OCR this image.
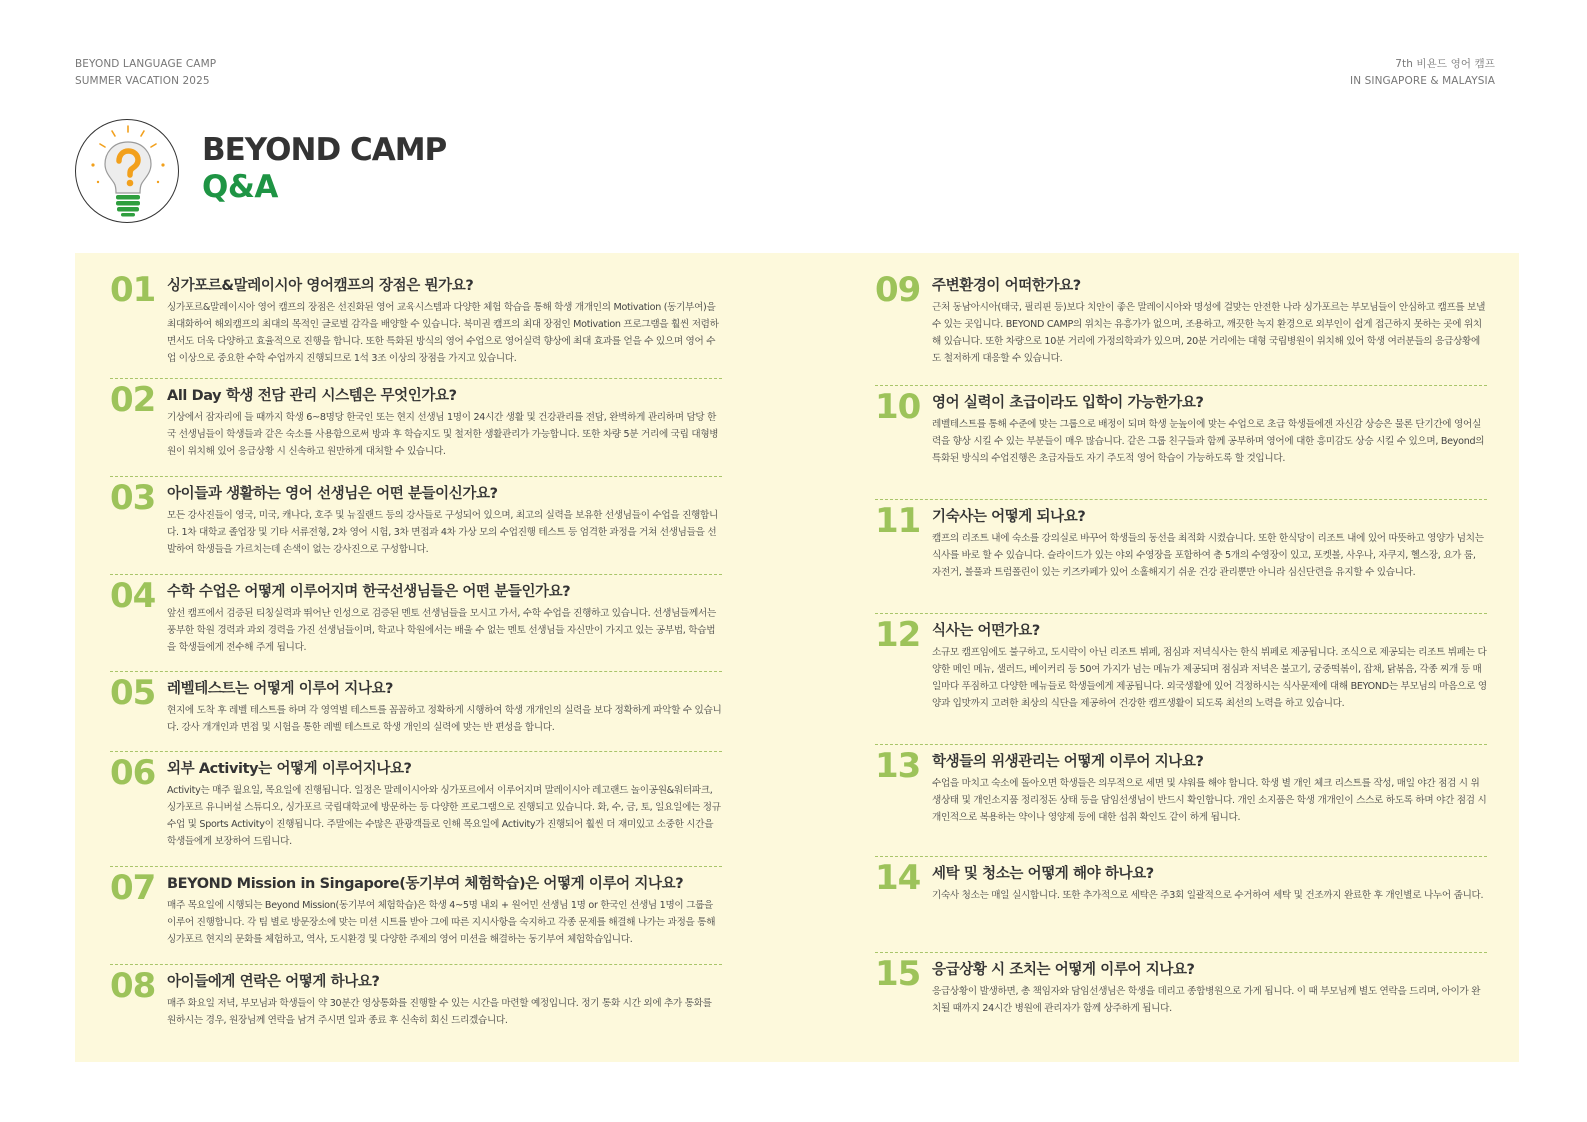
BEYOND LANGUAGE CAMP
SUMMER VACATION 2025
7th 비욘드 영어 캠프
IN SINGAPORE & MALAYSIA
BEYOND CAMP
Q&A
01 싱가포르&말레이시아 영어캠프의 장점은 뭔가요?
싱가포르&말레이시아 영어 캠프의 장점은 선진화된 영어 교육시스템과 다양한 체험 학습을 통해 학생 개개인의 Motivation (동기부여)을 최대화하여 해외캠프의 최대의 목적인 글로벌 감각을 배양할 수 있습니다. 북미권 캠프의 최대 장점인 Motivation 프로그램을 훨씬 저렴하면서도 더욱 다양하고 효율적으로 진행을 합니다. 또한 특화된 방식의 영어 수업으로 영어실력 향상에 최대 효과를 얻을 수 있으며 영어 수업 이상으로 중요한 수학 수업까지 진행되므로 1석 3조 이상의 장점을 가지고 있습니다.
02 All Day 학생 전담 관리 시스템은 무엇인가요?
기상에서 잠자리에 들 때까지 학생 6~8명당 한국인 또는 현지 선생님 1명이 24시간 생활 및 건강관리를 전담, 완벽하게 관리하며 담당 한국 선생님들이 학생들과 같은 숙소를 사용함으로써 방과 후 학습지도 및 철저한 생활관리가 가능합니다. 또한 차량 5분 거리에 국립 대형병원이 위치해 있어 응급상황 시 신속하고 원만하게 대처할 수 있습니다.
03 아이들과 생활하는 영어 선생님은 어떤 분들이신가요?
모든 강사진들이 영국, 미국, 캐나다, 호주 및 뉴질랜드 등의 강사들로 구성되어 있으며, 최고의 실력을 보유한 선생님들이 수업을 진행합니다. 1차 대학교 졸업장 및 기타 서류전형, 2차 영어 시험, 3차 면접과 4차 가상 모의 수업진행 테스트 등 엄격한 과정을 거쳐 선생님들을 선발하여 학생들을 가르치는데 손색이 없는 강사진으로 구성합니다.
04 수학 수업은 어떻게 이루어지며 한국선생님들은 어떤 분들인가요?
앞선 캠프에서 검증된 티칭실력과 뛰어난 인성으로 검증된 멘토 선생님들을 모시고 가서, 수학 수업을 진행하고 있습니다. 선생님들께서는 풍부한 학원 경력과 과외 경력을 가진 선생님들이며, 학교나 학원에서는 배울 수 없는 멘토 선생님들 자신만이 가지고 있는 공부법, 학습법을 학생들에게 전수해 주게 됩니다.
05 레벨테스트는 어떻게 이루어 지나요?
현지에 도착 후 레벨 테스트를 하며 각 영역별 테스트를 꼼꼼하고 정확하게 시행하여 학생 개개인의 실력을 보다 정확하게 파악할 수 있습니다. 강사 개개인과 면접 및 시험을 통한 레벨 테스트로 학생 개인의 실력에 맞는 반 편성을 합니다.
06 외부 Activity는 어떻게 이루어지나요?
Activity는 매주 월요일, 목요일에 진행됩니다. 일정은 말레이시아와 싱가포르에서 이루어지며 말레이시아 레고랜드 놀이공원&워터파크, 싱가포르 유니버설 스튜디오, 싱가포르 국립대학교에 방문하는 등 다양한 프로그램으로 진행되고 있습니다. 화, 수, 금, 토, 일요일에는 정규수업 및 Sports Activity이 진행됩니다. 주말에는 수많은 관광객들로 인해 목요일에 Activity가 진행되어 훨씬 더 재미있고 소중한 시간을 학생들에게 보장하여 드립니다.
07 BEYOND Mission in Singapore(동기부여 체험학습)은 어떻게 이루어 지나요?
매주 목요일에 시행되는 Beyond Mission(동기부여 체험학습)은 학생 4~5명 내외 + 원어민 선생님 1명 or 한국인 선생님 1명이 그룹을 이루어 진행합니다. 각 팀 별로 방문장소에 맞는 미션 시트를 받아 그에 따른 지시사항을 숙지하고 각종 문제를 해결해 나가는 과정을 통해 싱가포르 현지의 문화를 체험하고, 역사, 도시환경 및 다양한 주제의 영어 미션을 해결하는 동기부여 체험학습입니다.
08 아이들에게 연락은 어떻게 하나요?
매주 화요일 저녁, 부모님과 학생들이 약 30분간 영상통화를 진행할 수 있는 시간을 마련할 예정입니다. 정기 통화 시간 외에 추가 통화를 원하시는 경우, 원장님께 연락을 남겨 주시면 일과 종료 후 신속히 회신 드리겠습니다.
09 주변환경이 어떠한가요?
근처 동남아시아(태국, 필리핀 등)보다 치안이 좋은 말레이시아와 명성에 걸맞는 안전한 나라 싱가포르는 부모님들이 안심하고 캠프를 보낼 수 있는 곳입니다. BEYOND CAMP의 위치는 유흥가가 없으며, 조용하고, 깨끗한 녹지 환경으로 외부인이 쉽게 접근하지 못하는 곳에 위치해 있습니다. 또한 차량으로 10분 거리에 가정의학과가 있으며, 20분 거리에는 대형 국립병원이 위치해 있어 학생 여러분들의 응급상황에도 철저하게 대응할 수 있습니다.
10 영어 실력이 초급이라도 입학이 가능한가요?
레벨테스트를 통해 수준에 맞는 그룹으로 배정이 되며 학생 눈높이에 맞는 수업으로 초급 학생들에겐 자신감 상승은 물론 단기간에 영어실력을 향상 시킬 수 있는 부분들이 매우 많습니다. 같은 그룹 친구들과 함께 공부하며 영어에 대한 흥미감도 상승 시킬 수 있으며, Beyond의 특화된 방식의 수업진행은 초급자들도 자기 주도적 영어 학습이 가능하도록 할 것입니다.
11 기숙사는 어떻게 되나요?
캠프의 리조트 내에 숙소를 강의실로 바꾸어 학생들의 동선을 최적화 시켰습니다. 또한 한식당이 리조트 내에 있어 따뜻하고 영양가 넘치는 식사를 바로 할 수 있습니다. 슬라이드가 있는 야외 수영장을 포함하여 총 5개의 수영장이 있고, 포켓볼, 사우나, 자쿠지, 헬스장, 요가 룸, 자전거, 볼풀과 트럼폴린이 있는 키즈카페가 있어 소홀해지기 쉬운 건강 관리뿐만 아니라 심신단련을 유지할 수 있습니다.
12 식사는 어떤가요?
소규모 캠프임에도 불구하고, 도시락이 아닌 리조트 뷔페, 점심과 저녁식사는 한식 뷔페로 제공됩니다. 조식으로 제공되는 리조트 뷔페는 다양한 메인 메뉴, 샐러드, 베이커리 등 50여 가지가 넘는 메뉴가 제공되며 점심과 저녁은 불고기, 궁중떡볶이, 잡채, 닭볶음, 각종 찌개 등 매일마다 푸짐하고 다양한 메뉴들로 학생들에게 제공됩니다. 외국생활에 있어 걱정하시는 식사문제에 대해 BEYOND는 부모님의 마음으로 영양과 입맛까지 고려한 최상의 식단을 제공하여 건강한 캠프생활이 되도록 최선의 노력을 하고 있습니다.
13 학생들의 위생관리는 어떻게 이루어 지나요?
수업을 마치고 숙소에 돌아오면 학생들은 의무적으로 세면 및 샤워를 해야 합니다. 학생 별 개인 체크 리스트를 작성, 매일 야간 점검 시 위생상태 및 개인소지품 정리정돈 상태 등을 담임선생님이 반드시 확인합니다. 개인 소지품은 학생 개개인이 스스로 하도록 하며 야간 점검 시 개인적으로 복용하는 약이나 영양제 등에 대한 섭취 확인도 같이 하게 됩니다.
14 세탁 및 청소는 어떻게 해야 하나요?
기숙사 청소는 매일 실시합니다. 또한 추가적으로 세탁은 주3회 일괄적으로 수거하여 세탁 및 건조까지 완료한 후 개인별로 나누어 줍니다.
15 응급상황 시 조치는 어떻게 이루어 지나요?
응급상황이 발생하면, 총 책임자와 담임선생님은 학생을 데리고 종합병원으로 가게 됩니다. 이 때 부모님께 별도 연락을 드리며, 아이가 완치될 때까지 24시간 병원에 관리자가 함께 상주하게 됩니다.
